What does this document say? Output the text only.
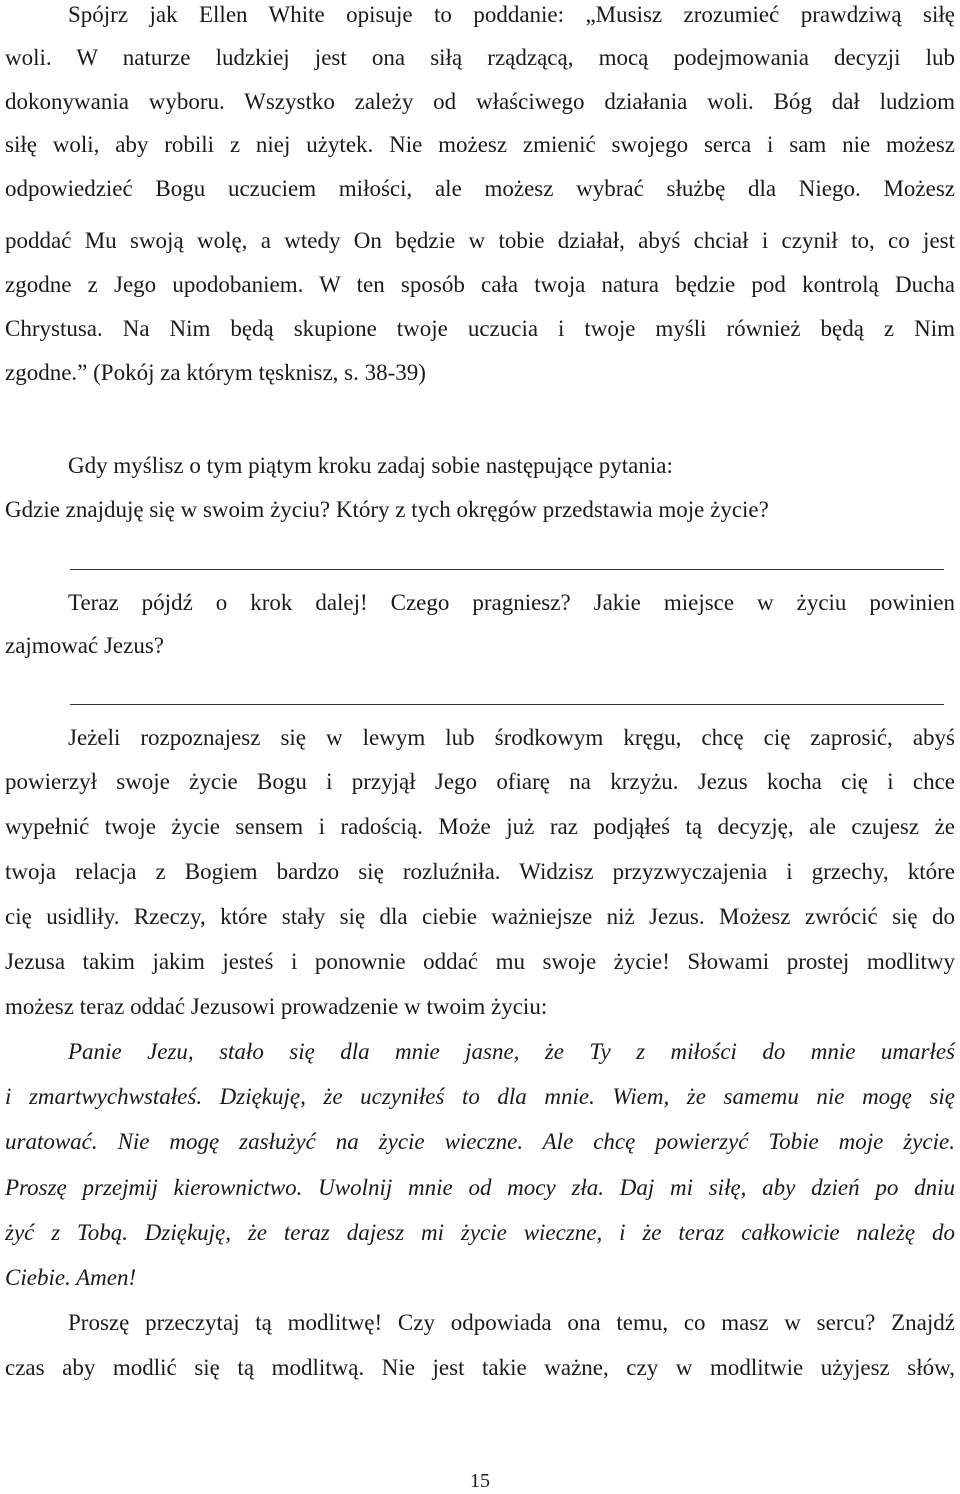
Spójrz jak Ellen White opisuje to poddanie: „Musisz zrozumieć prawdziwą siłę
woli. W naturze ludzkiej jest ona siłą rządzącą, mocą podejmowania decyzji lub
dokonywania wyboru. Wszystko zależy od właściwego działania woli. Bóg dał ludziom
siłę woli, aby robili z niej użytek. Nie możesz zmienić swojego serca i sam nie możesz
odpowiedzieć Bogu uczuciem miłości, ale możesz wybrać służbę dla Niego. Możesz
poddać Mu swoją wolę, a wtedy On będzie w tobie działał, abyś chciał i czynił to, co jest
zgodne z Jego upodobaniem. W ten sposób cała twoja natura będzie pod kontrolą Ducha
Chrystusa. Na Nim będą skupione twoje uczucia i twoje myśli również będą z Nim
zgodne.” (Pokój za którym tęsknisz, s. 38-39)
Gdy myślisz o tym piątym kroku zadaj sobie następujące pytania:
Gdzie znajduję się w swoim życiu? Który z tych okręgów przedstawia moje życie?
Teraz pójdź o krok dalej! Czego pragniesz? Jakie miejsce w życiu powinien
zajmować Jezus?
Jeżeli rozpoznajesz się w lewym lub środkowym kręgu, chcę cię zaprosić, abyś
powierzył swoje życie Bogu i przyjął Jego ofiarę na krzyżu. Jezus kocha cię i chce
wypełnić twoje życie sensem i radością. Może już raz podjąłeś tą decyzję, ale czujesz że
twoja relacja z Bogiem bardzo się rozluźniła. Widzisz przyzwyczajenia i grzechy, które
cię usidliły. Rzeczy, które stały się dla ciebie ważniejsze niż Jezus. Możesz zwrócić się do
Jezusa takim jakim jesteś i ponownie oddać mu swoje życie! Słowami prostej modlitwy
możesz teraz oddać Jezusowi prowadzenie w twoim życiu:
Panie Jezu, stało się dla mnie jasne, że Ty z miłości do mnie umarłeś
i zmartwychwstałeś. Dziękuję, że uczyniłeś to dla mnie. Wiem, że samemu nie mogę się
uratować. Nie mogę zasłużyć na życie wieczne. Ale chcę powierzyć Tobie moje życie.
Proszę przejmij kierownictwo. Uwolnij mnie od mocy zła. Daj mi siłę, aby dzień po dniu
żyć z Tobą. Dziękuję, że teraz dajesz mi życie wieczne, i że teraz całkowicie należę do
Ciebie. Amen!
Proszę przeczytaj tą modlitwę! Czy odpowiada ona temu, co masz w sercu? Znajdź
czas aby modlić się tą modlitwą. Nie jest takie ważne, czy w modlitwie użyjesz słów,
15
